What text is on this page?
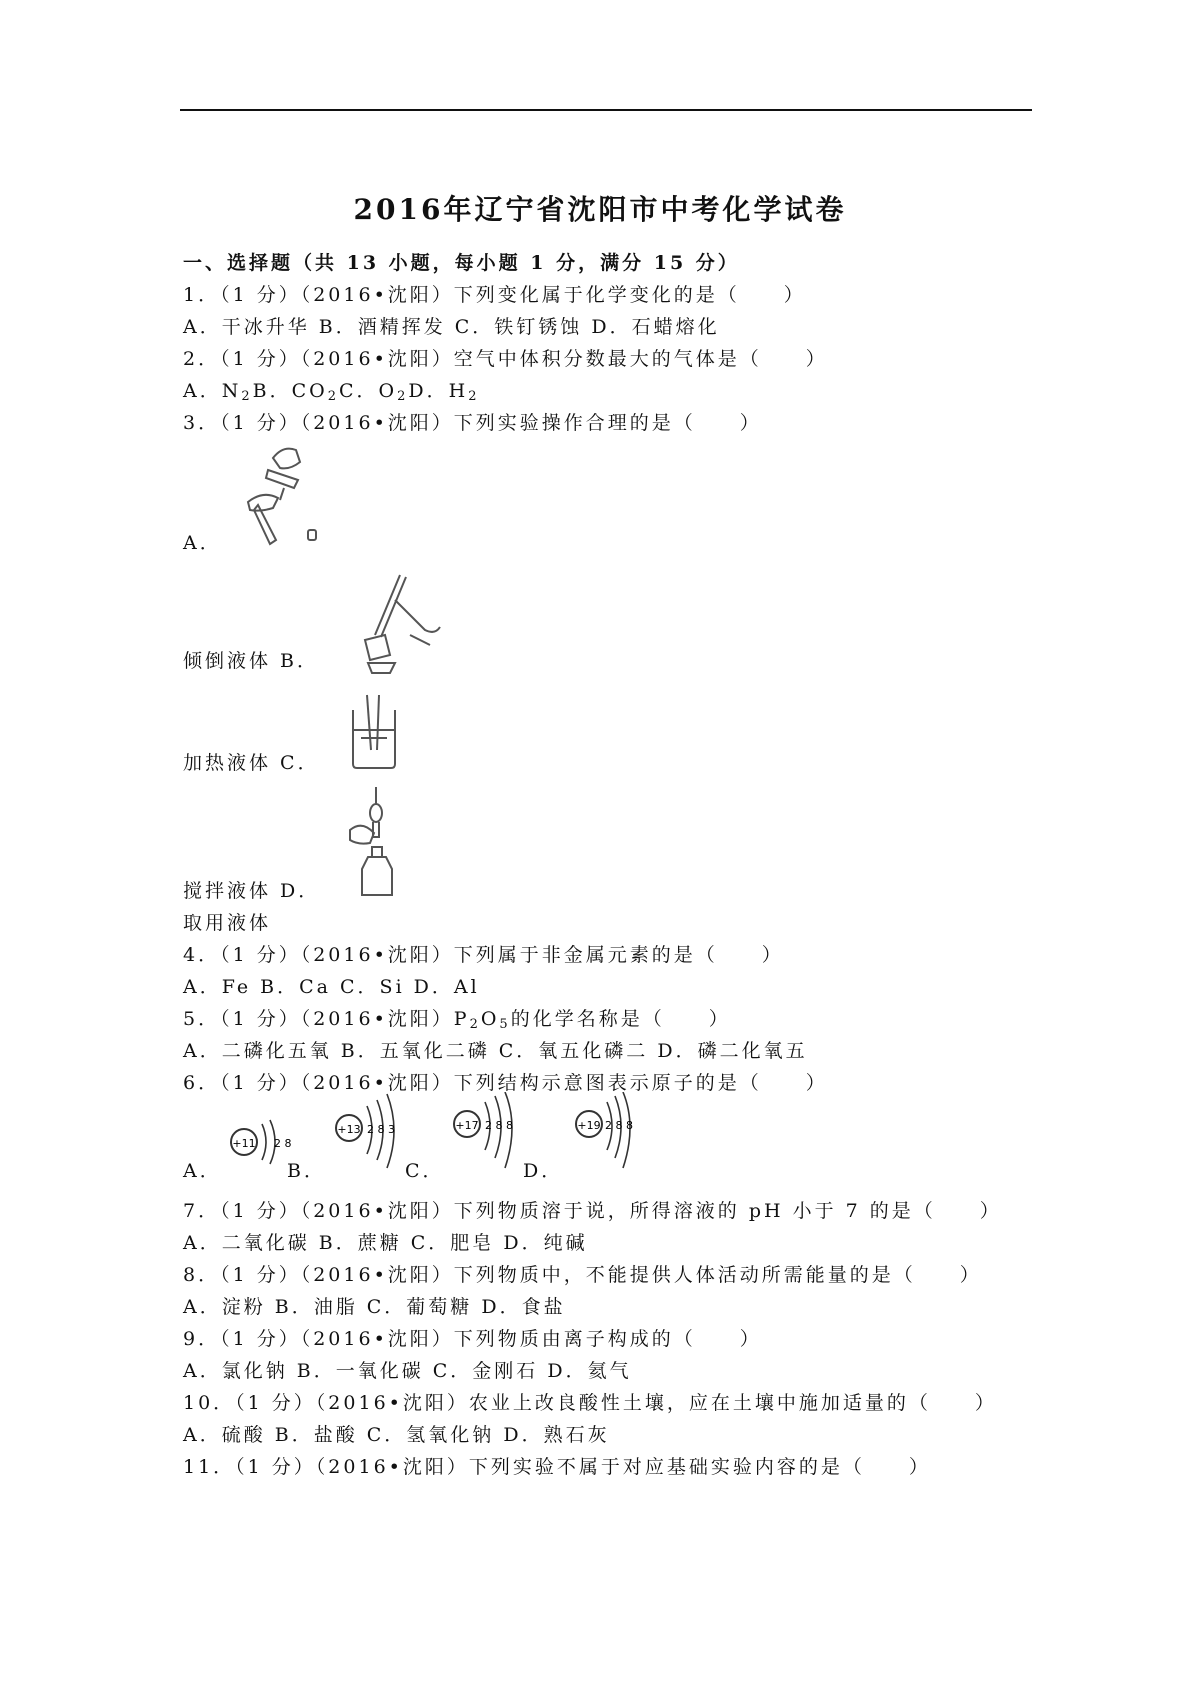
2016年辽宁省沈阳市中考化学试卷
一、选择题（共 13 小题，每小题 1 分，满分 15 分）
1．（1 分）（2016•沈阳）下列变化属于化学变化的是（　　）
A．干冰升华 B．酒精挥发 C．铁钉锈蚀 D．石蜡熔化
2．（1 分）（2016•沈阳）空气中体积分数最大的气体是（　　）
A．$N_2B$．$CO_2C$．$O_2D$．$H_2$
3．（1 分）（2016•沈阳）下列实验操作合理的是（　　）
A．
倾倒液体 B．
加热液体 C．
搅拌液体 D．
取用液体
4．（1 分）（2016•沈阳）下列属于非金属元素的是（　　）
A．Fe B．Ca C．Si D．Al
5．（1 分）（2016•沈阳）$P_2O_5$的化学名称是（　　）
A．二磷化五氧 B．五氧化二磷 C．氧五化磷二 D．磷二化氧五
6．（1 分）（2016•沈阳）下列结构示意图表示原子的是（　　）
A．
+11 2 8
B．
+13 2 8 3
C．
+17 2 8 8
D．
+19 2 8 8
7．（1 分）（2016•沈阳）下列物质溶于说，所得溶液的 pH 小于 7 的是（　　）
A．二氧化碳 B．蔗糖 C．肥皂 D．纯碱
8．（1 分）（2016•沈阳）下列物质中，不能提供人体活动所需能量的是（　　）
A．淀粉 B．油脂 C．葡萄糖 D．食盐
9．（1 分）（2016•沈阳）下列物质由离子构成的（　　）
A．氯化钠 B．一氧化碳 C．金刚石 D．氦气
10．（1 分）（2016•沈阳）农业上改良酸性土壤，应在土壤中施加适量的（　　）
A．硫酸 B．盐酸 C．氢氧化钠 D．熟石灰
11．（1 分）（2016•沈阳）下列实验不属于对应基础实验内容的是（　　）
